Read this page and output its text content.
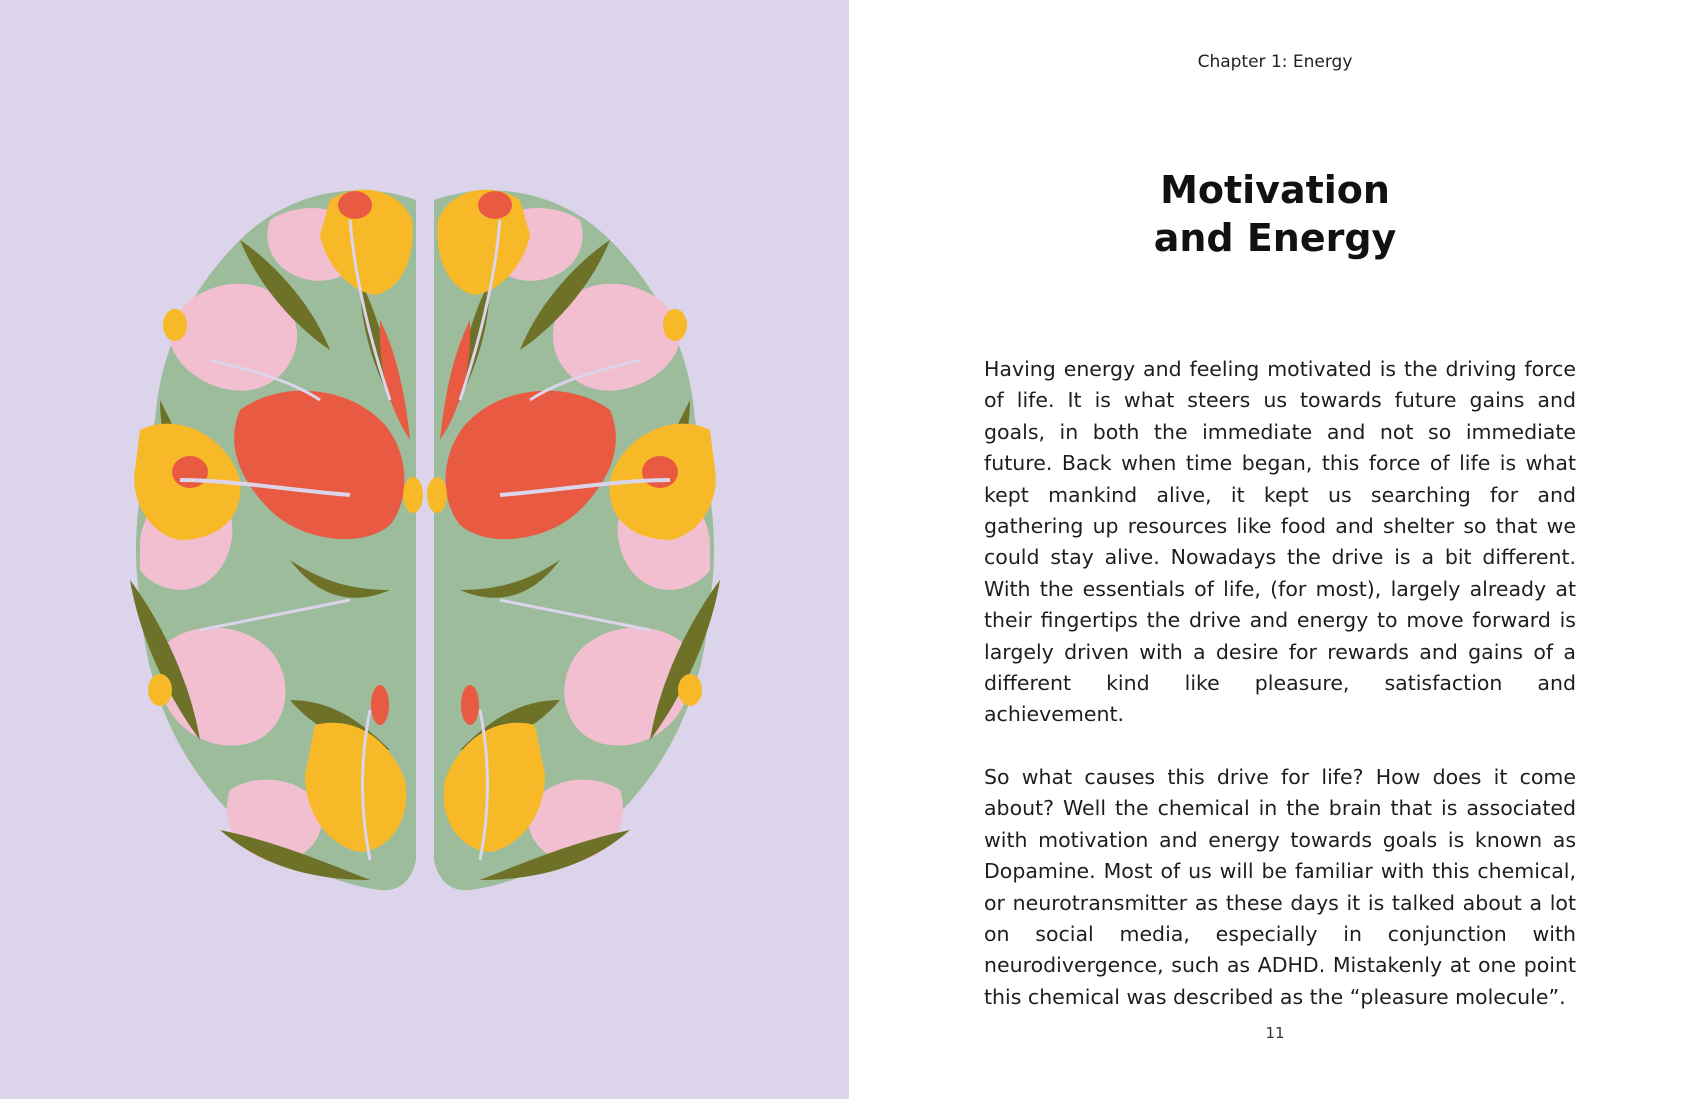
Chapter 1: Energy
Motivation
and Energy

Having energy and feeling motivated is the driving force of life. It is what steers us towards future gains and goals, in both the immediate and not so immediate future. Back when time began, this force of life is what kept mankind alive, it kept us searching for and gathering up resources like food and shelter so that we could stay alive. Nowadays the drive is a bit different. With the essentials of life, (for most), largely already at their fingertips the drive and energy to move forward is largely driven with a desire for rewards and gains of a different kind like pleasure, satisfaction and achievement.

So what causes this drive for life? How does it come about? Well the chemical in the brain that is associated with motivation and energy towards goals is known as Dopamine. Most of us will be familiar with this chemical, or neurotransmitter as these days it is talked about a lot on social media, especially in conjunction with neurodivergence, such as ADHD. Mistakenly at one point this chemical was described as the “pleasure molecule”.

11
